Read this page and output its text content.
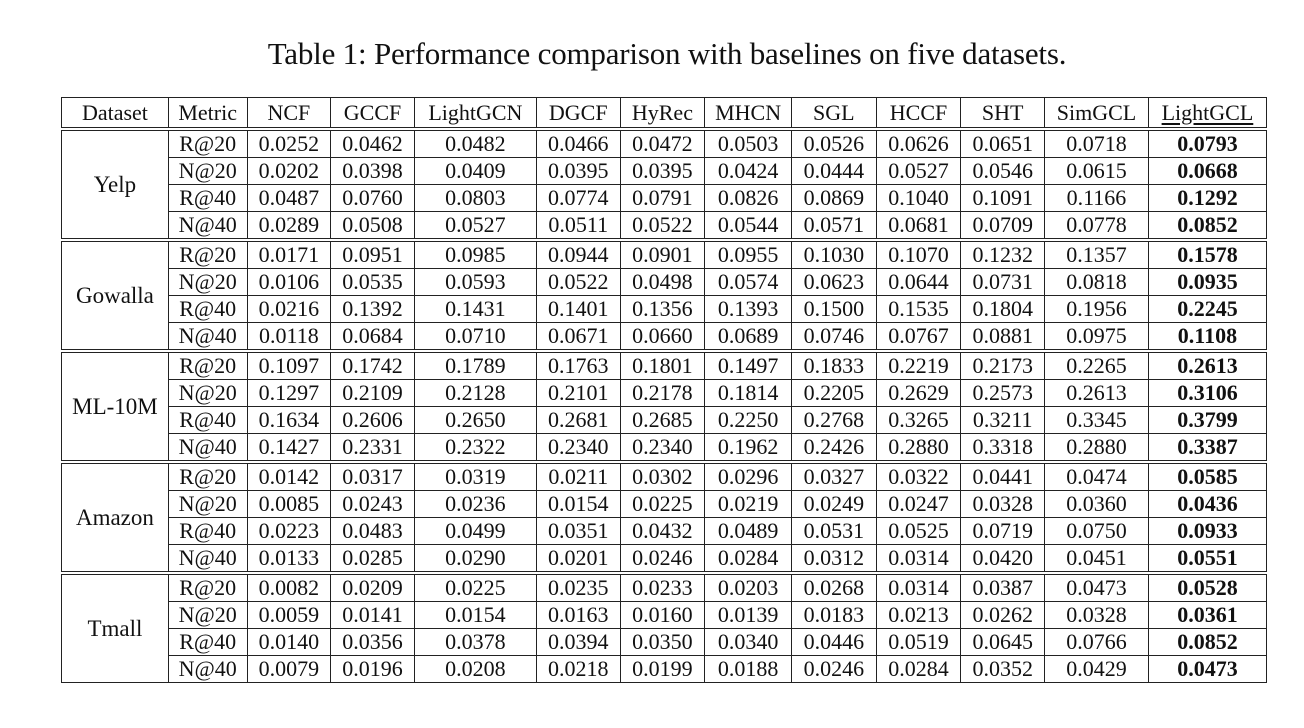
Table 1: Performance comparison with baselines on five datasets.
Dataset	Metric	NCF	GCCF	LightGCN	DGCF	HyRec	MHCN	SGL	HCCF	SHT	SimGCL	LightGCL
Yelp	R@20	0.0252	0.0462	0.0482	0.0466	0.0472	0.0503	0.0526	0.0626	0.0651	0.0718	0.0793
	N@20	0.0202	0.0398	0.0409	0.0395	0.0395	0.0424	0.0444	0.0527	0.0546	0.0615	0.0668
	R@40	0.0487	0.0760	0.0803	0.0774	0.0791	0.0826	0.0869	0.1040	0.1091	0.1166	0.1292
	N@40	0.0289	0.0508	0.0527	0.0511	0.0522	0.0544	0.0571	0.0681	0.0709	0.0778	0.0852
Gowalla	R@20	0.0171	0.0951	0.0985	0.0944	0.0901	0.0955	0.1030	0.1070	0.1232	0.1357	0.1578
	N@20	0.0106	0.0535	0.0593	0.0522	0.0498	0.0574	0.0623	0.0644	0.0731	0.0818	0.0935
	R@40	0.0216	0.1392	0.1431	0.1401	0.1356	0.1393	0.1500	0.1535	0.1804	0.1956	0.2245
	N@40	0.0118	0.0684	0.0710	0.0671	0.0660	0.0689	0.0746	0.0767	0.0881	0.0975	0.1108
ML-10M	R@20	0.1097	0.1742	0.1789	0.1763	0.1801	0.1497	0.1833	0.2219	0.2173	0.2265	0.2613
	N@20	0.1297	0.2109	0.2128	0.2101	0.2178	0.1814	0.2205	0.2629	0.2573	0.2613	0.3106
	R@40	0.1634	0.2606	0.2650	0.2681	0.2685	0.2250	0.2768	0.3265	0.3211	0.3345	0.3799
	N@40	0.1427	0.2331	0.2322	0.2340	0.2340	0.1962	0.2426	0.2880	0.3318	0.2880	0.3387
Amazon	R@20	0.0142	0.0317	0.0319	0.0211	0.0302	0.0296	0.0327	0.0322	0.0441	0.0474	0.0585
	N@20	0.0085	0.0243	0.0236	0.0154	0.0225	0.0219	0.0249	0.0247	0.0328	0.0360	0.0436
	R@40	0.0223	0.0483	0.0499	0.0351	0.0432	0.0489	0.0531	0.0525	0.0719	0.0750	0.0933
	N@40	0.0133	0.0285	0.0290	0.0201	0.0246	0.0284	0.0312	0.0314	0.0420	0.0451	0.0551
Tmall	R@20	0.0082	0.0209	0.0225	0.0235	0.0233	0.0203	0.0268	0.0314	0.0387	0.0473	0.0528
	N@20	0.0059	0.0141	0.0154	0.0163	0.0160	0.0139	0.0183	0.0213	0.0262	0.0328	0.0361
	R@40	0.0140	0.0356	0.0378	0.0394	0.0350	0.0340	0.0446	0.0519	0.0645	0.0766	0.0852
	N@40	0.0079	0.0196	0.0208	0.0218	0.0199	0.0188	0.0246	0.0284	0.0352	0.0429	0.0473
